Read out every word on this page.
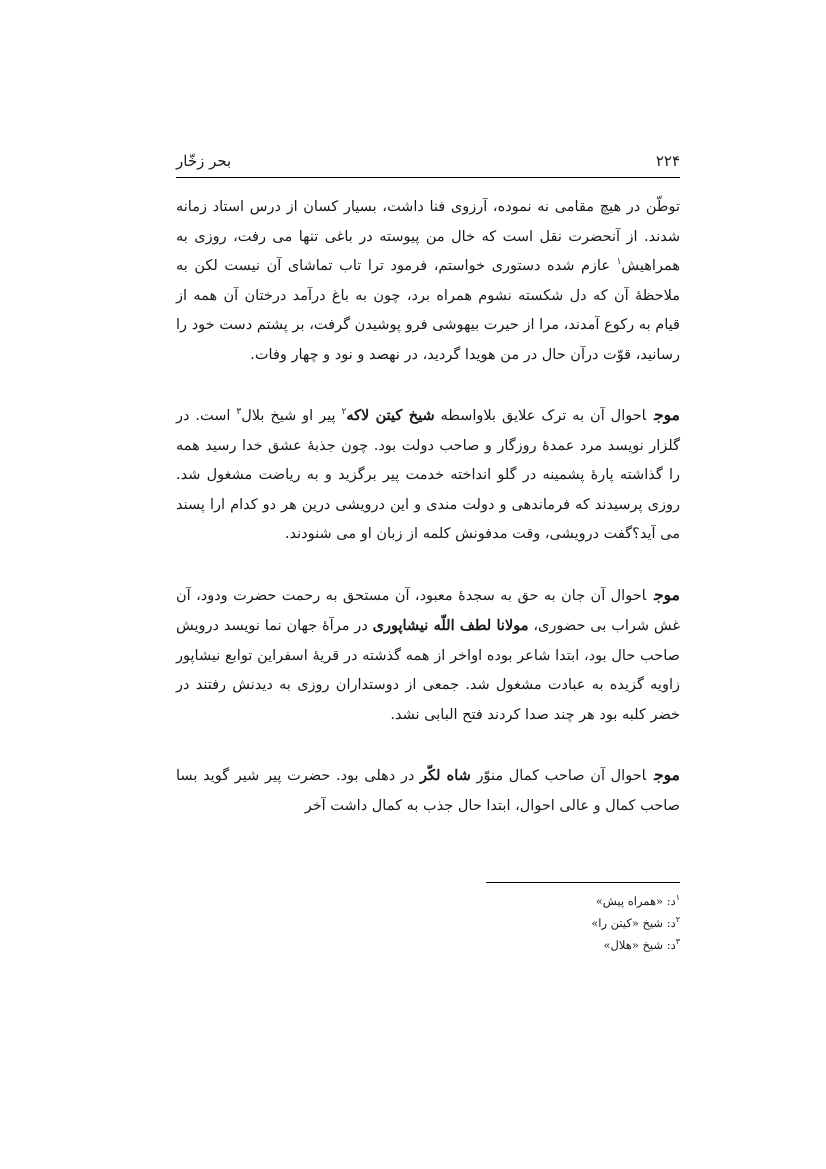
۲۲۴
بحر زخّار

توطّن در هیچ مقامی نه نموده، آرزوی فنا داشت، بسیار کسان از درس استاد زمانه شدند. از آنحضرت نقل است که خال من پیوسته در باغی تنها می رفت، روزی به همراهیش$^۱$ عازم شده دستوری خواستم، فرمود ترا تاب تماشای آن نیست لکن به ملاحظهٔ آن که دل شکسته نشوم همراه برد، چون به باغ درآمد درختان آن همه از قیام به رکوع آمدند، مرا از حیرت بیهوشی فرو پوشیدن گرفت، بر پشتم دست خود را رسانید، قوّت درآن حال در من هویدا گردید، در نهصد و نود و چهار وفات.

موجاحوال آن به ترک علایق بلاواسطه شیخ کیتن لاکه$^۲$ پیر او شیخ بلال$^۳$ است. در گلزار نویسد مرد عمدهٔ روزگار و صاحب دولت بود. چون جذبهٔ عشق خدا رسید همه را گذاشته پارهٔ پشمینه در گلو انداخته خدمت پیر برگزید و به ریاضت مشغول شد. روزی پرسیدند که فرماندهی و دولت مندی و این درویشی درین هر دو کدام ارا پسند می آید؟گفت درویشی، وقت مدفونش کلمه از زبان او می شنودند.

موجاحوال آن جان به حق به سجدهٔ معبود، آن مستحق به رحمت حضرت ودود، آن غش شراب بی حضوری، مولانا لطف اللّه نیشاپوری در مرآهٔ جهان نما نویسد درویش صاحب حال بود، ابتدا شاعر بوده اواخر از همه گذشته در قریهٔ اسفراین توابع نیشاپور زاویه گزیده به عبادت مشغول شد. جمعی از دوستداران روزی به دیدنش رفتند در خضر کلبه بود هر چند صدا کردند فتح البابی نشد.

موجاحوال آن صاحب کمال منوّر شاه لکّر در دهلی بود. حضرت پیر شیر گوید بسا صاحب کمال و عالی احوال، ابتدا حال جذب به کمال داشت آخر

$^۱$د: «همراه پیش»
$^۲$د: شیخ «کیتن را»
$^۳$د: شیخ «هلال»
